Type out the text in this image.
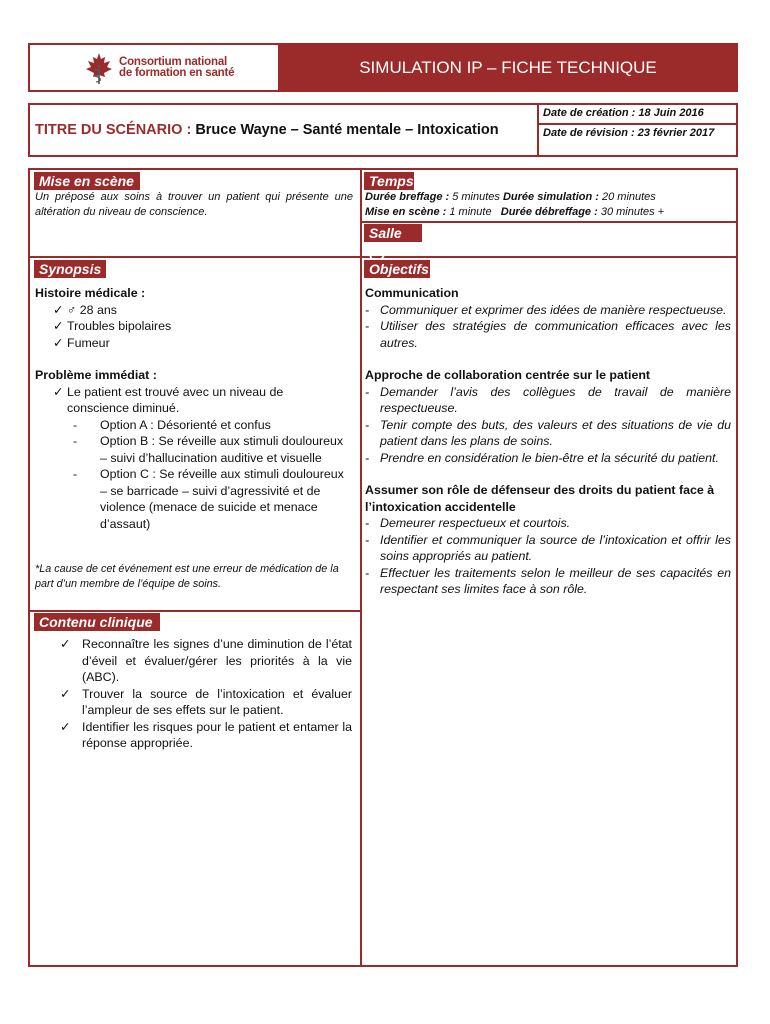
Consortium national
de formation en santé	SIMULATION IP – FICHE TECHNIQUE
TITRE DU SCÉNARIO : Bruce Wayne – Santé mentale – Intoxication
Date de création : 18 Juin 2016
Date de révision : 23 février 2017
Mise en scène
Un préposé aux soins à trouver un patient qui présente une altération du niveau de conscience.
Temps
Durée breffage : 5 minutes Durée simulation : 20 minutes
Mise en scène : 1 minute   Durée débreffage : 30 minutes +
Salle (s)
Synopsis
Histoire médicale :
✓ ♂ 28 ans
✓ Troubles bipolaires
✓ Fumeur
Problème immédiat :
✓ Le patient est trouvé avec un niveau de conscience diminué.
-	Option A : Désorienté et confus
-	Option B : Se réveille aux stimuli douloureux – suivi d’hallucination auditive et visuelle
-	Option C : Se réveille aux stimuli douloureux – se barricade – suivi d’agressivité et de violence (menace de suicide et menace d’assaut)
*La cause de cet événement est une erreur de médication de la part d’un membre de l’équipe de soins.
Contenu clinique
✓ Reconnaître les signes d’une diminution de l’état d’éveil et évaluer/gérer les priorités à la vie (ABC).
✓ Trouver la source de l’intoxication et évaluer l’ampleur de ses effets sur le patient.
✓ Identifier les risques pour le patient et entamer la réponse appropriée.
Objectifs
Communication
- Communiquer et exprimer des idées de manière respectueuse.
- Utiliser des stratégies de communication efficaces avec les autres.
Approche de collaboration centrée sur le patient
- Demander l’avis des collègues de travail de manière respectueuse.
- Tenir compte des buts, des valeurs et des situations de vie du patient dans les plans de soins.
- Prendre en considération le bien-être et la sécurité du patient.
Assumer son rôle de défenseur des droits du patient face à l’intoxication accidentelle
- Demeurer respectueux et courtois.
- Identifier et communiquer la source de l’intoxication et offrir les soins appropriés au patient.
- Effectuer les traitements selon le meilleur de ses capacités en respectant ses limites face à son rôle.
